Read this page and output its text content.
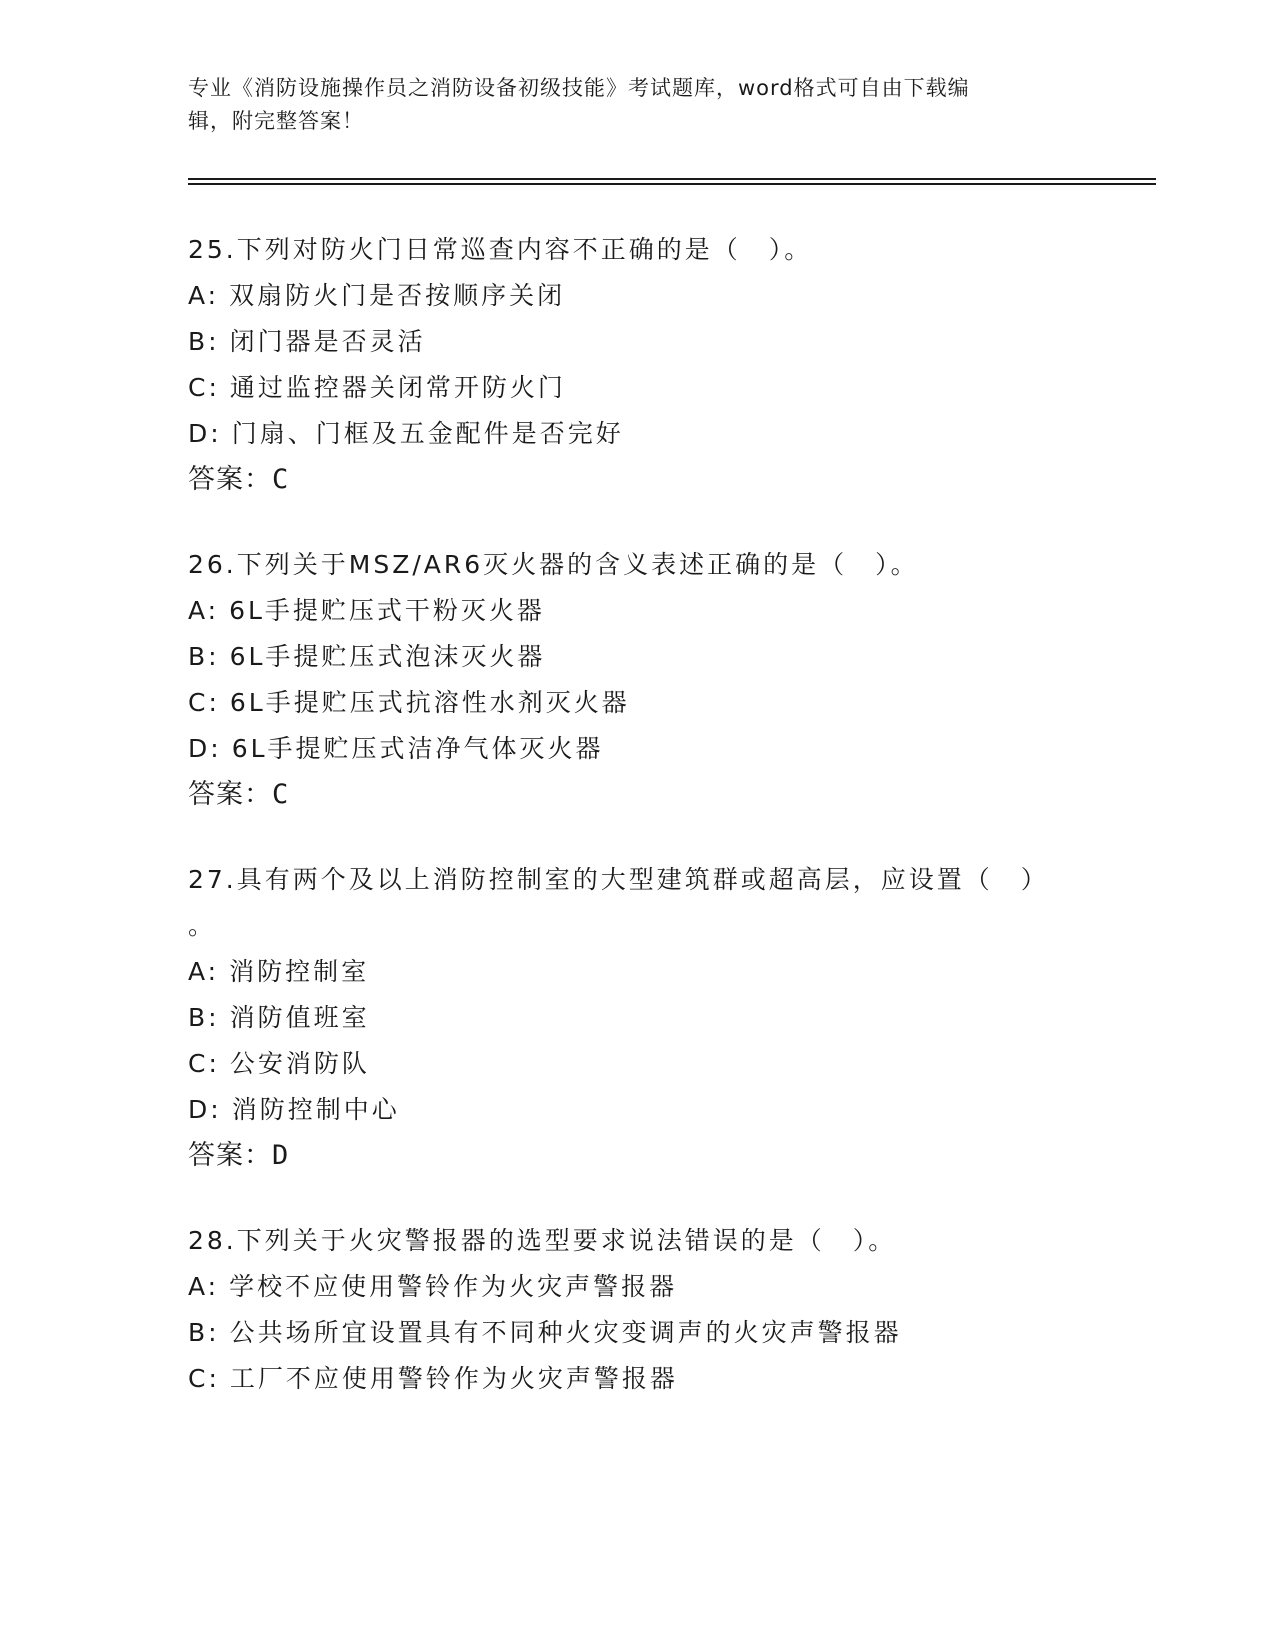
专业《消防设施操作员之消防设备初级技能》考试题库，word格式可自由下载编
辑，附完整答案！
25.下列对防火门日常巡查内容不正确的是（　）。
A: 双扇防火门是否按顺序关闭
B: 闭门器是否灵活
C: 通过监控器关闭常开防火门
D: 门扇、门框及五金配件是否完好
答案：C
26.下列关于MSZ/AR6灭火器的含义表述正确的是（　）。
A: 6L手提贮压式干粉灭火器
B: 6L手提贮压式泡沫灭火器
C: 6L手提贮压式抗溶性水剂灭火器
D: 6L手提贮压式洁净气体灭火器
答案：C
27.具有两个及以上消防控制室的大型建筑群或超高层，应设置（　）
。
A: 消防控制室
B: 消防值班室
C: 公安消防队
D: 消防控制中心
答案：D
28.下列关于火灾警报器的选型要求说法错误的是（　）。
A: 学校不应使用警铃作为火灾声警报器
B: 公共场所宜设置具有不同种火灾变调声的火灾声警报器
C: 工厂不应使用警铃作为火灾声警报器
